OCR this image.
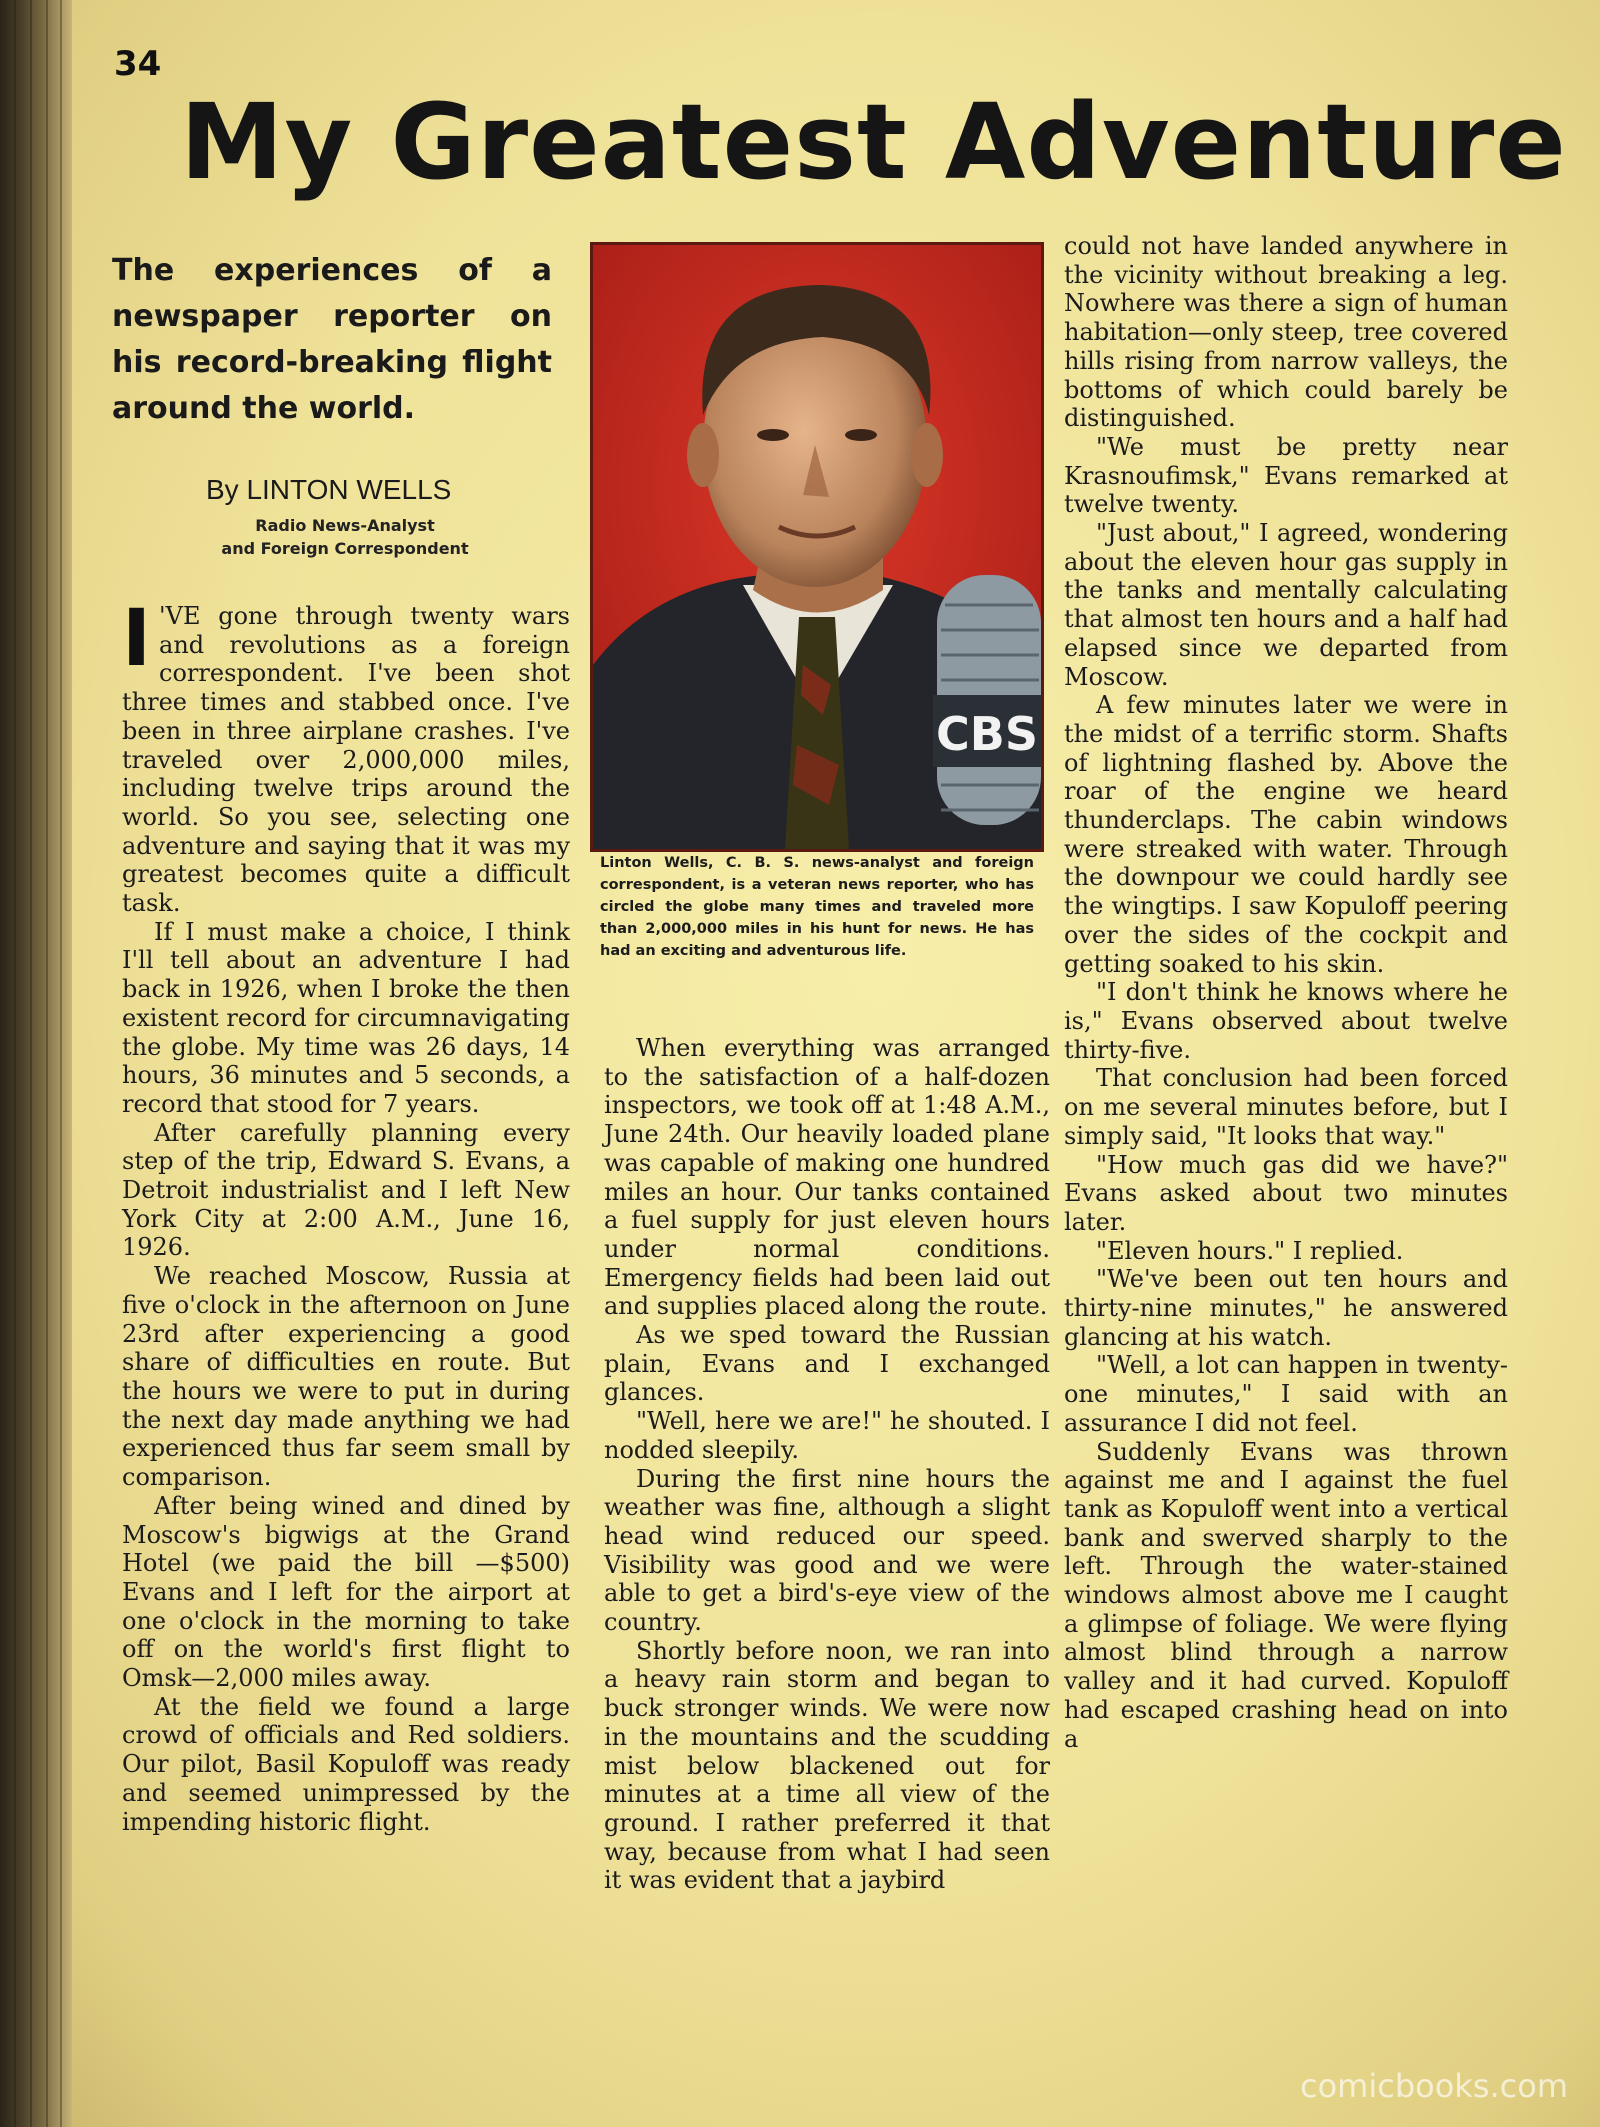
34
My Greatest Adventure
The experiences of a newspaper reporter on his record-breaking flight around the world.
By LINTON WELLS
Radio News-Analyst
and Foreign Correspondent

I 'VE gone through twenty wars and revolutions as a foreign correspondent. I've been shot three times and stabbed once. I've been in three airplane crashes. I've traveled over 2,000,000 miles, including twelve trips around the world. So you see, selecting one adventure and saying that it was my greatest becomes quite a difficult task.

If I must make a choice, I think I'll tell about an adventure I had back in 1926, when I broke the then existent record for circumnavigating the globe. My time was 26 days, 14 hours, 36 minutes and 5 seconds, a record that stood for 7 years.

After carefully planning every step of the trip, Edward S. Evans, a Detroit industrialist and I left New York City at 2:00 A.M., June 16, 1926.

We reached Moscow, Russia at five o'clock in the afternoon on June 23rd after experiencing a good share of difficulties en route. But the hours we were to put in during the next day made anything we had experienced thus far seem small by comparison.

After being wined and dined by Moscow's bigwigs at the Grand Hotel (we paid the bill —$500) Evans and I left for the airport at one o'clock in the morning to take off on the world's first flight to Omsk—2,000 miles away.

At the field we found a large crowd of officials and Red soldiers. Our pilot, Basil Kopuloff was ready and seemed unimpressed by the impending historic flight.

CBS
Linton Wells, C. B. S. news-analyst and foreign correspondent, is a veteran news reporter, who has circled the globe many times and traveled more than 2,000,000 miles in his hunt for news. He has had an exciting and adventurous life.

When everything was arranged to the satisfaction of a half-dozen inspectors, we took off at 1:48 A.M., June 24th. Our heavily loaded plane was capable of making one hundred miles an hour. Our tanks contained a fuel supply for just eleven hours under normal conditions. Emergency fields had been laid out and supplies placed along the route.

As we sped toward the Russian plain, Evans and I exchanged glances.

"Well, here we are!" he shouted. I nodded sleepily.

During the first nine hours the weather was fine, although a slight head wind reduced our speed. Visibility was good and we were able to get a bird's-eye view of the country.

Shortly before noon, we ran into a heavy rain storm and began to buck stronger winds. We were now in the mountains and the scudding mist below blackened out for minutes at a time all view of the ground. I rather preferred it that way, because from what I had seen it was evident that a jaybird

could not have landed anywhere in the vicinity without breaking a leg. Nowhere was there a sign of human habitation—only steep, tree covered hills rising from narrow valleys, the bottoms of which could barely be distinguished.

"We must be pretty near Krasnoufimsk," Evans remarked at twelve twenty.

"Just about," I agreed, wondering about the eleven hour gas supply in the tanks and mentally calculating that almost ten hours and a half had elapsed since we departed from Moscow.

A few minutes later we were in the midst of a terrific storm. Shafts of lightning flashed by. Above the roar of the engine we heard thunderclaps. The cabin windows were streaked with water. Through the downpour we could hardly see the wingtips. I saw Kopuloff peering over the sides of the cockpit and getting soaked to his skin.

"I don't think he knows where he is," Evans observed about twelve thirty-five.

That conclusion had been forced on me several minutes before, but I simply said, "It looks that way."

"How much gas did we have?" Evans asked about two minutes later.

"Eleven hours." I replied.

"We've been out ten hours and thirty-nine minutes," he answered glancing at his watch.

"Well, a lot can happen in twenty-one minutes," I said with an assurance I did not feel.

Suddenly Evans was thrown against me and I against the fuel tank as Kopuloff went into a vertical bank and swerved sharply to the left. Through the water-stained windows almost above me I caught a glimpse of foliage. We were flying almost blind through a narrow valley and it had curved. Kopuloff had escaped crashing head on into a

comicbooks.com
